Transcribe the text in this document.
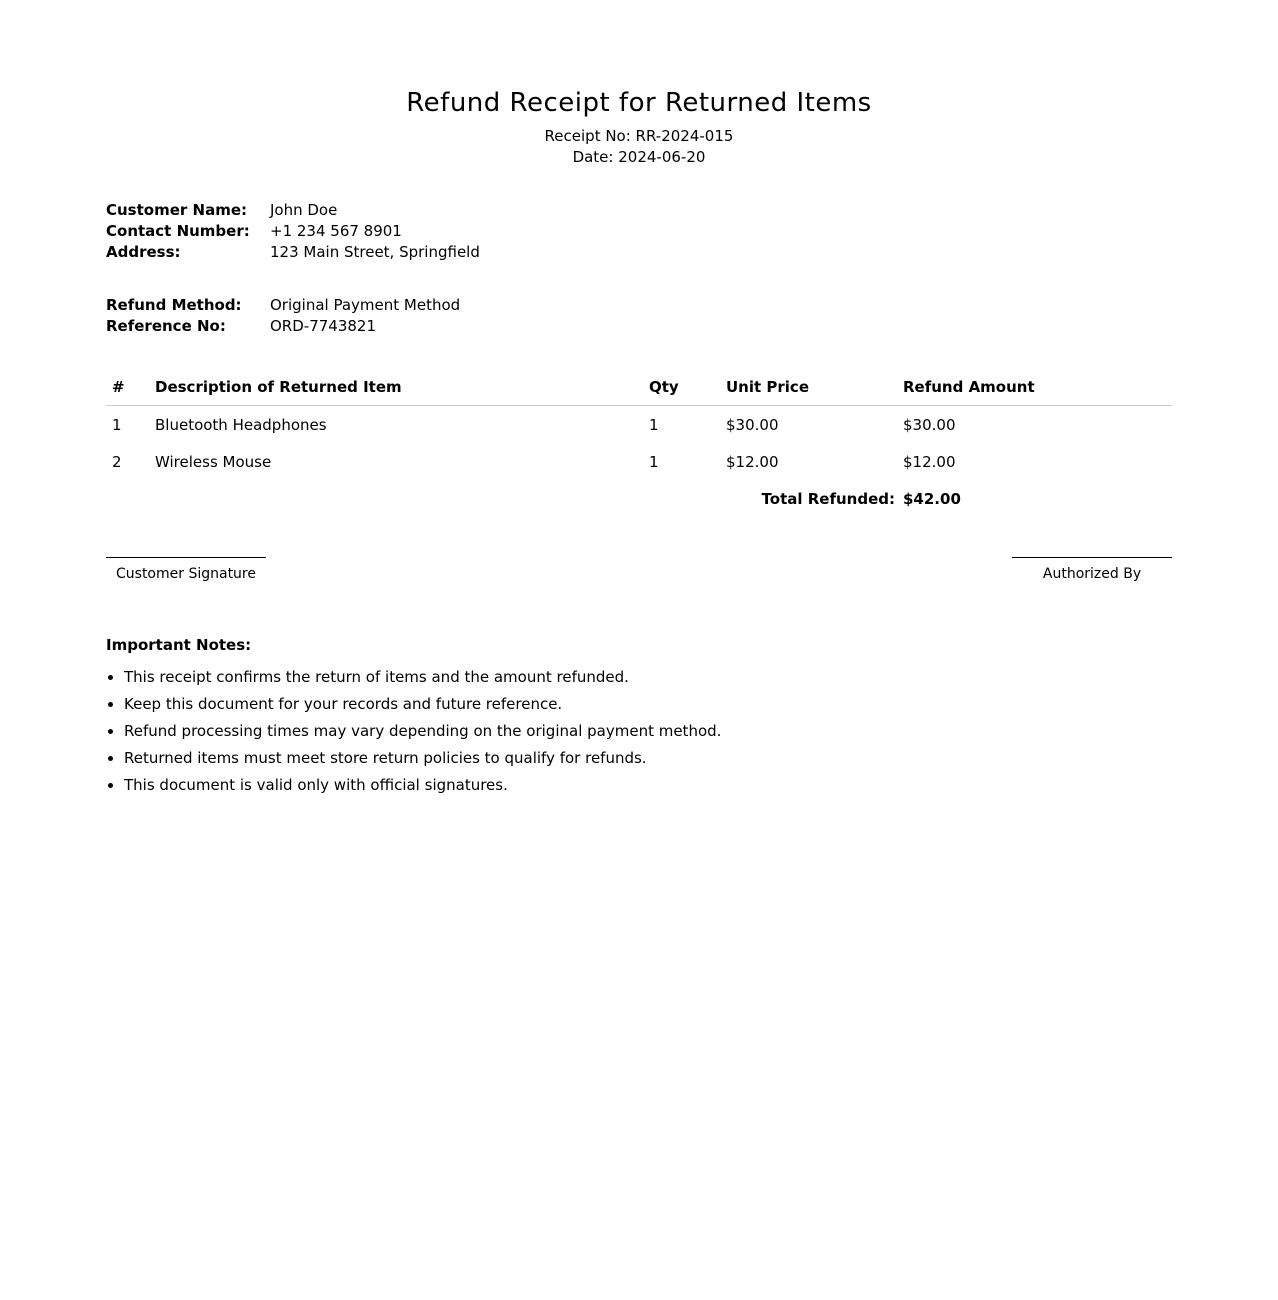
Refund Receipt for Returned Items
Receipt No: RR-2024-015
Date: 2024-06-20
Customer Name: John Doe
Contact Number: +1 234 567 8901
Address:	123 Main Street, Springfield
Refund Method: Original Payment Method
Reference No:	ORD-7743821
#	Description of Returned Item	Qty	Unit Price	Refund Amount
1	Bluetooth Headphones	1	$30.00	$30.00
2	Wireless Mouse	1	$12.00	$12.00
Total Refunded:				$42.00
Customer Signature	Authorized By
Important Notes:
• This receipt confirms the return of items and the amount refunded.
• Keep this document for your records and future reference.
• Refund processing times may vary depending on the original payment method.
• Returned items must meet store return policies to qualify for refunds.
• This document is valid only with official signatures.
